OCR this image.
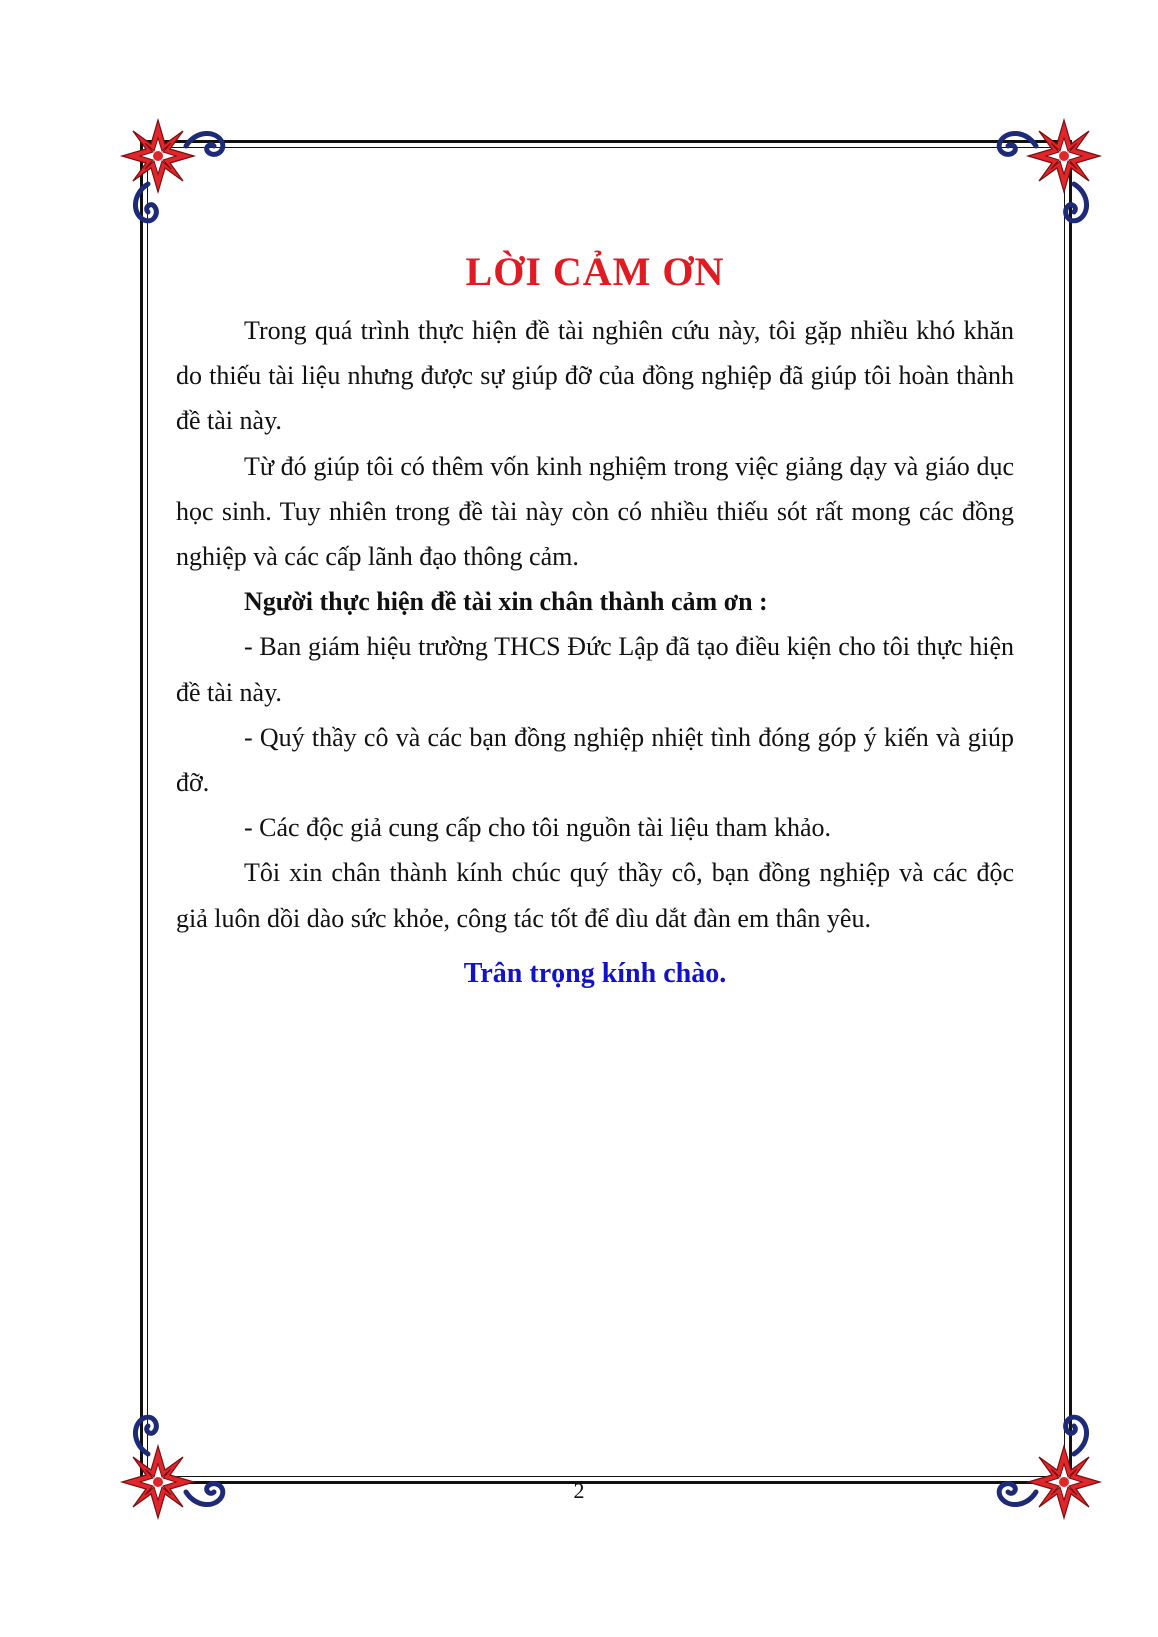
LỜI CẢM ƠN

Trong quá trình thực hiện đề tài nghiên cứu này, tôi gặp nhiều khó khăn do thiếu tài liệu nhưng được sự giúp đỡ của đồng nghiệp đã giúp tôi hoàn thành đề tài này.

Từ đó giúp tôi có thêm vốn kinh nghiệm trong việc giảng dạy và giáo dục học sinh. Tuy nhiên trong đề tài này còn có nhiều thiếu sót rất mong các đồng nghiệp và các cấp lãnh đạo thông cảm.

Người thực hiện đề tài xin chân thành cảm ơn :

- Ban giám hiệu trường THCS Đức Lập đã tạo điều kiện cho tôi thực hiện đề tài này.

- Quý thầy cô và các bạn đồng nghiệp nhiệt tình đóng góp ý kiến và giúp đỡ.

- Các độc giả cung cấp cho tôi nguồn tài liệu tham khảo.

Tôi xin chân thành kính chúc quý thầy cô, bạn đồng nghiệp và các độc giả luôn dồi dào sức khỏe, công tác tốt để dìu dắt đàn em thân yêu.

Trân trọng kính chào.
2
